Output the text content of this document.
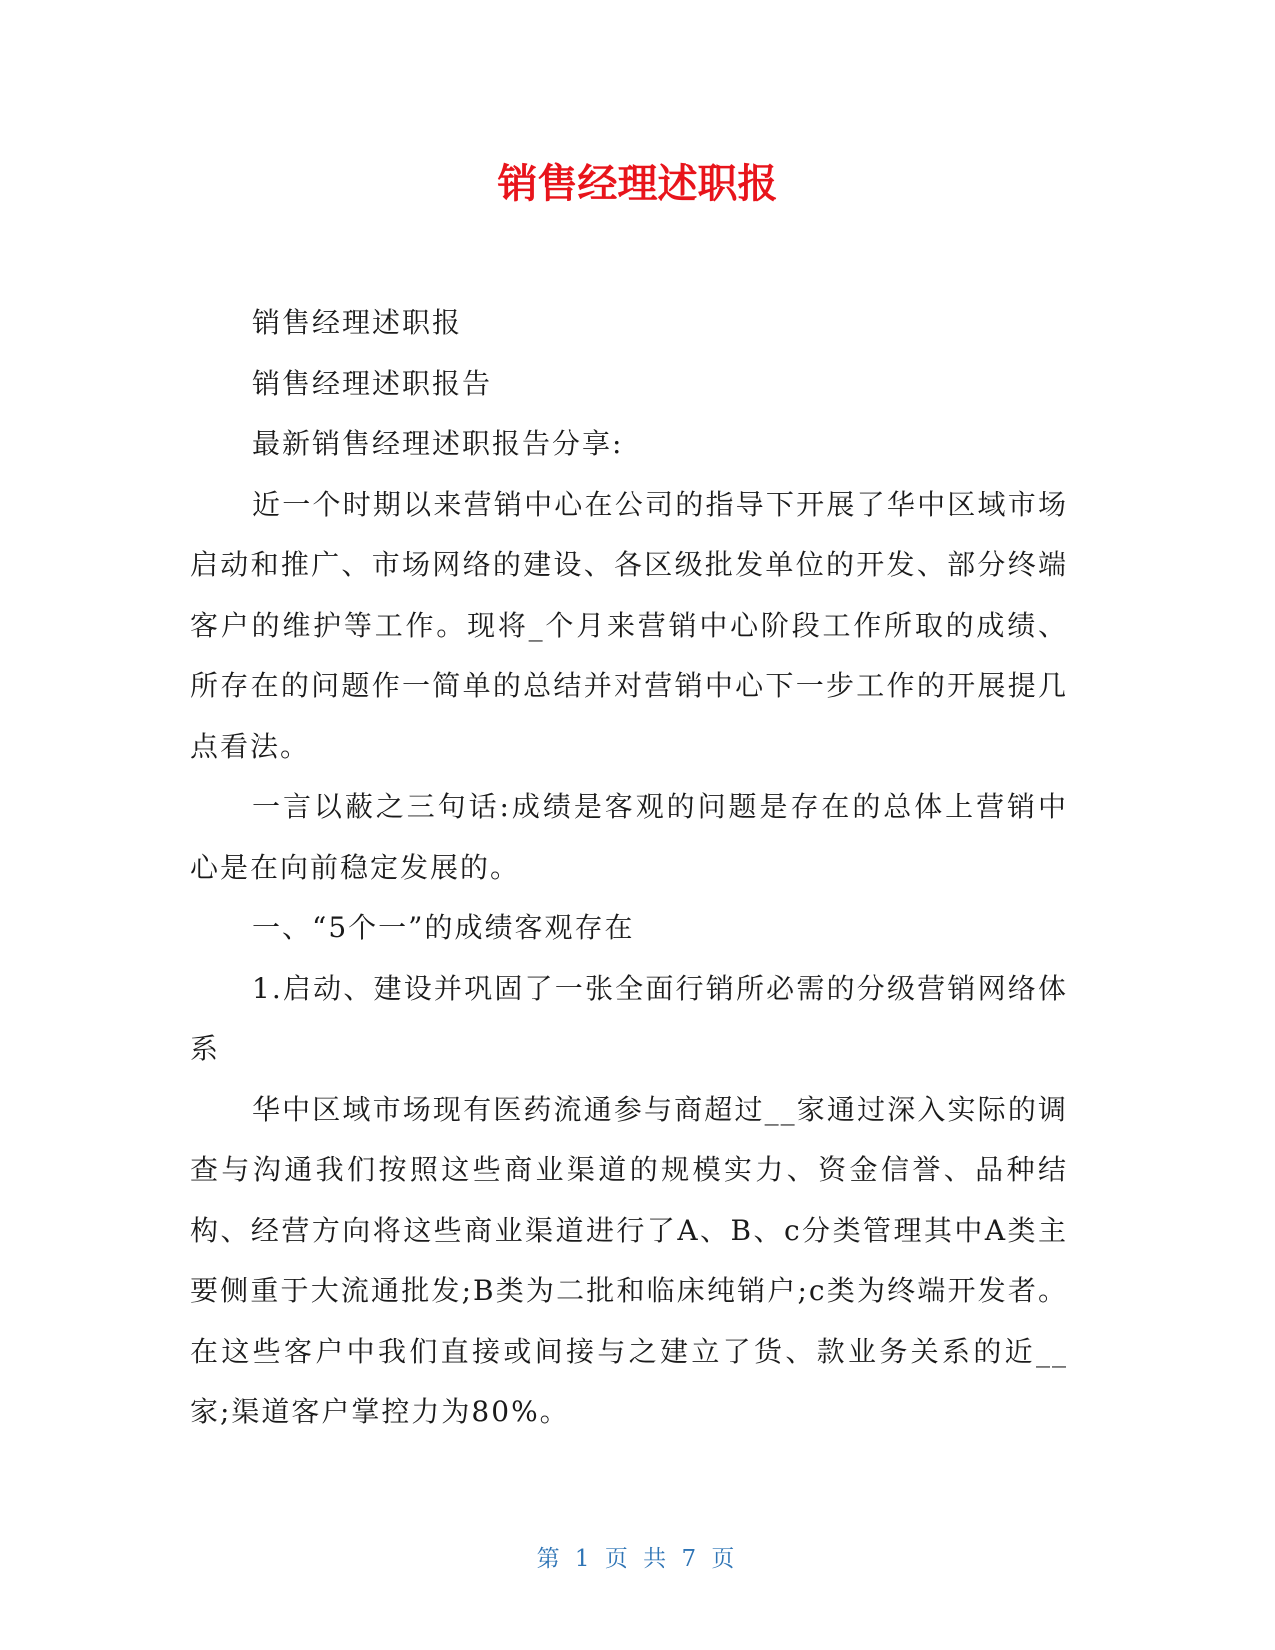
销售经理述职报

销售经理述职报

销售经理述职报告

最新销售经理述职报告分享:

近一个时期以来营销中心在公司的指导下开展了华中区域市场启动和推广、市场网络的建设、各区级批发单位的开发、部分终端客户的维护等工作。现将_个月来营销中心阶段工作所取的成绩、所存在的问题作一简单的总结并对营销中心下一步工作的开展提几点看法。

一言以蔽之三句话:成绩是客观的问题是存在的总体上营销中心是在向前稳定发展的。

一、“5个一”的成绩客观存在

1.启动、建设并巩固了一张全面行销所必需的分级营销网络体系

华中区域市场现有医药流通参与商超过__家通过深入实际的调查与沟通我们按照这些商业渠道的规模实力、资金信誉、品种结构、经营方向将这些商业渠道进行了A、B、c分类管理其中A类主要侧重于大流通批发;B类为二批和临床纯销户;c类为终端开发者。在这些客户中我们直接或间接与之建立了货、款业务关系的近__家;渠道客户掌控力为80%。

第 1 页 共 7 页
